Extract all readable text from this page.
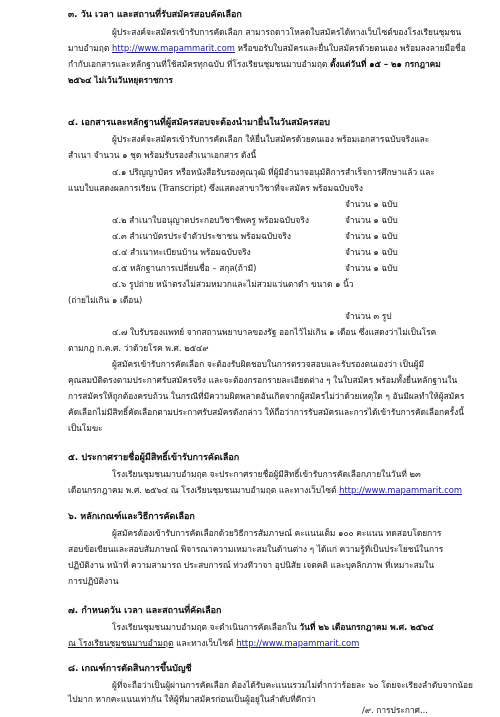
๓. วัน เวลา และสถานที่รับสมัครสอบคัดเลือก
ผู้ประสงค์จะสมัครเข้ารับการคัดเลือก สามารถดาวโหลดใบสมัครได้ทางเว็บไซต์ของโรงเรียนชุมชน
มาบอำมฤต http://www.mapammarit.com หรือขอรับใบสมัครและยื่นใบสมัครด้วยตนเอง พร้อมลงลายมือชื่อ
กำกับเอกสารและหลักฐานที่ใช้สมัครทุกฉบับ ที่โรงเรียนชุมชนมาบอำมฤต ตั้งแต่วันที่ ๑๕ – ๒๑ กรกฎาคม
๒๕๖๔ ไม่เว้นวันหยุดราชการ
๔. เอกสารและหลักฐานที่ผู้สมัครสอบจะต้องนำมายื่นในวันสมัครสอบ
ผู้ประสงค์จะสมัครเข้ารับการคัดเลือก ให้ยื่นใบสมัครด้วยตนเอง พร้อมเอกสารฉบับจริงและ
สำเนา จำนวน ๑ ชุด พร้อมรับรองสำเนาเอกสาร ดังนี้
๔.๑ ปริญญาบัตร หรือหนังสือรับรองคุณวุฒิ ที่ผู้มีอำนาจอนุมัติการสำเร็จการศึกษาแล้ว และ
แนบใบแสดงผลการเรียน (Transcript) ซึ่งแสดงสาขาวิชาที่จะสมัคร พร้อมฉบับจริง
จำนวน ๑ ฉบับ
๔.๒ สำเนาใบอนุญาตประกอบวิชาชีพครู พร้อมฉบับจริง	จำนวน ๑ ฉบับ
๔.๓ สำเนาบัตรประจำตัวประชาชน พร้อมฉบับจริง	จำนวน ๑ ฉบับ
๔.๔ สำเนาทะเบียนบ้าน พร้อมฉบับจริง	จำนวน ๑ ฉบับ
๔.๕ หลักฐานการเปลี่ยนชื่อ – สกุล(ถ้ามี)	จำนวน ๑ ฉบับ
๔.๖ รูปถ่าย หน้าตรงไม่สวมหมวกและไม่สวมแว่นตาดำ ขนาด ๑ นิ้ว
(ถ่ายไม่เกิน ๑ เดือน)
จำนวน ๓ รูป
๔.๗ ใบรับรองแพทย์ จากสถานพยาบาลของรัฐ ออกไว้ไม่เกิน ๑ เดือน ซึ่งแสดงว่าไม่เป็นโรค
ตามกฎ ก.ค.ศ. ว่าด้วยโรค พ.ศ. ๒๕๔๙
ผู้สมัครเข้ารับการคัดเลือก จะต้องรับผิดชอบในการตรวจสอบและรับรองตนเองว่า เป็นผู้มี
คุณสมบัติตรงตามประกาศรับสมัครจริง และจะต้องกรอกรายละเอียดต่าง ๆ ในใบสมัคร พร้อมทั้งยื่นหลักฐานใน
การสมัครให้ถูกต้องครบถ้วน ในกรณีที่มีความผิดพลาดอันเกิดจากผู้สมัครไม่ว่าด้วยเหตุใด ๆ อันมีผลทำให้ผู้สมัคร
คัดเลือกไม่มีสิทธิ์คัดเลือกตามประกาศรับสมัครดังกล่าว ให้ถือว่าการรับสมัครและการได้เข้ารับการคัดเลือกครั้งนี้
เป็นโมฆะ
๕. ประกาศรายชื่อผู้มีสิทธิ์เข้ารับการคัดเลือก
โรงเรียนชุมชนมาบอำมฤต จะประกาศรายชื่อผู้มีสิทธิ์เข้ารับการคัดเลือกภายในวันที่ ๒๓
เดือนกรกฎาคม พ.ศ. ๒๕๖๔ ณ โรงเรียนชุมชนมาบอำมฤต และทางเว็บไซต์ http://www.mapammarit.com
๖. หลักเกณฑ์และวิธีการคัดเลือก
ผู้สมัครต้องเข้ารับการคัดเลือกด้วยวิธีการสัมภาษณ์ คะแนนเต็ม ๑๐๐ คะแนน ทดสอบโดยการ
สอบข้อเขียนและสอบสัมภาษณ์ พิจารณาความเหมาะสมในด้านต่าง ๆ ได้แก่ ความรู้ที่เป็นประโยชน์ในการ
ปฏิบัติงาน หน้าที่ ความสามารถ ประสบการณ์ ท่วงทีวาจา อุปนิสัย เจตคติ และบุคลิกภาพ ที่เหมาะสมใน
การปฏิบัติงาน
๗. กำหนดวัน เวลา และสถานที่คัดเลือก
โรงเรียนชุมชนมาบอำมฤต จะดำเนินการคัดเลือกใน วันที่ ๒๖ เดือนกรกฎาคม พ.ศ. ๒๕๖๔
ณ โรงเรียนชุมชนมาบอำมฤต และทางเว็บไซต์ http://www.mapammarit.com
๘. เกณฑ์การตัดสินการขึ้นบัญชี
ผู้ที่จะถือว่าเป็นผู้ผ่านการคัดเลือก ต้องได้รับคะแนนรวมไม่ต่ำกว่าร้อยละ ๖๐ โดยจะเรียงลำดับจากน้อย
ไปมาก หากคะแนนเท่ากัน ให้ผู้ที่มาสมัครก่อนเป็นผู้อยู่ในลำดับที่ดีกว่า
/๙. การประกาศ...
